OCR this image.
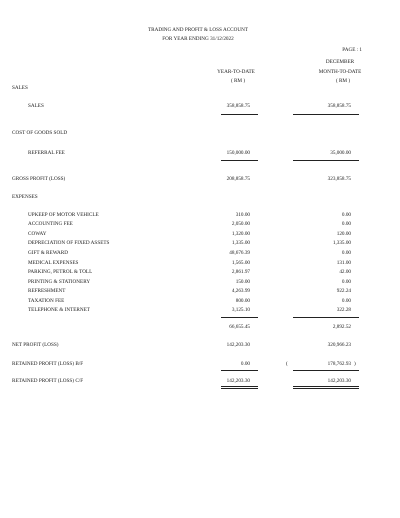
TRADING AND PROFIT & LOSS ACCOUNT
FOR YEAR ENDING 31/12/2022
PAGE : 1
DECEMBER
YEAR-TO-DATE	MONTH-TO-DATE
( RM )	( RM )
SALES
SALES	358,858.75	358,858.75
COST OF GOODS SOLD
REFERRAL FEE	150,000.00	35,000.00
GROSS PROFIT (LOSS)	208,858.75	323,858.75
EXPENSES
UPKEEP OF MOTOR VEHICLE	310.00	0.00
ACCOUNTING FEE	2,050.00	0.00
COWAY	1,320.00	120.00
DEPRECIATION OF FIXED ASSETS	1,335.00	1,335.00
GIFT & REWARD	48,676.39	0.00
MEDICAL EXPENSES	1,565.00	131.00
PARKING, PETROL & TOLL	2,861.97	42.00
PRINTING & STATIONERY	150.00	0.00
REFRESHMENT	4,263.99	922.24
TAXATION FEE	800.00	0.00
TELEPHONE & INTERNET	3,125.10	322.28
66,655.45	2,892.52
NET PROFIT (LOSS)	142,203.30	320,966.23
RETAINED PROFIT (LOSS) B/F	0.00	(	178,762.93 )
RETAINED PROFIT (LOSS) C/F	142,203.30	142,203.30
